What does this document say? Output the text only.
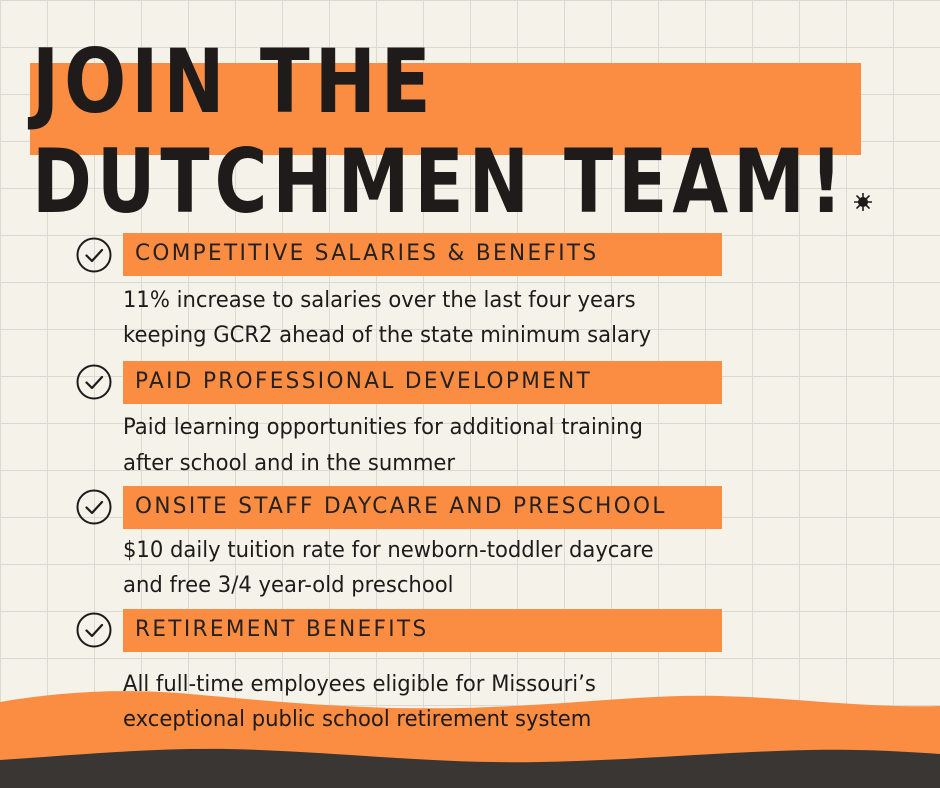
JOIN THE
DUTCHMEN TEAM!

COMPETITIVE SALARIES & BENEFITS

11% increase to salaries over the last four years

keeping GCR2 ahead of the state minimum salary

PAID PROFESSIONAL DEVELOPMENT

Paid learning opportunities for additional training

after school and in the summer

ONSITE STAFF DAYCARE AND PRESCHOOL

$10 daily tuition rate for newborn-toddler daycare

and free 3/4 year-old preschool

RETIREMENT BENEFITS

All full-time employees eligible for Missouri’s

exceptional public school retirement system
